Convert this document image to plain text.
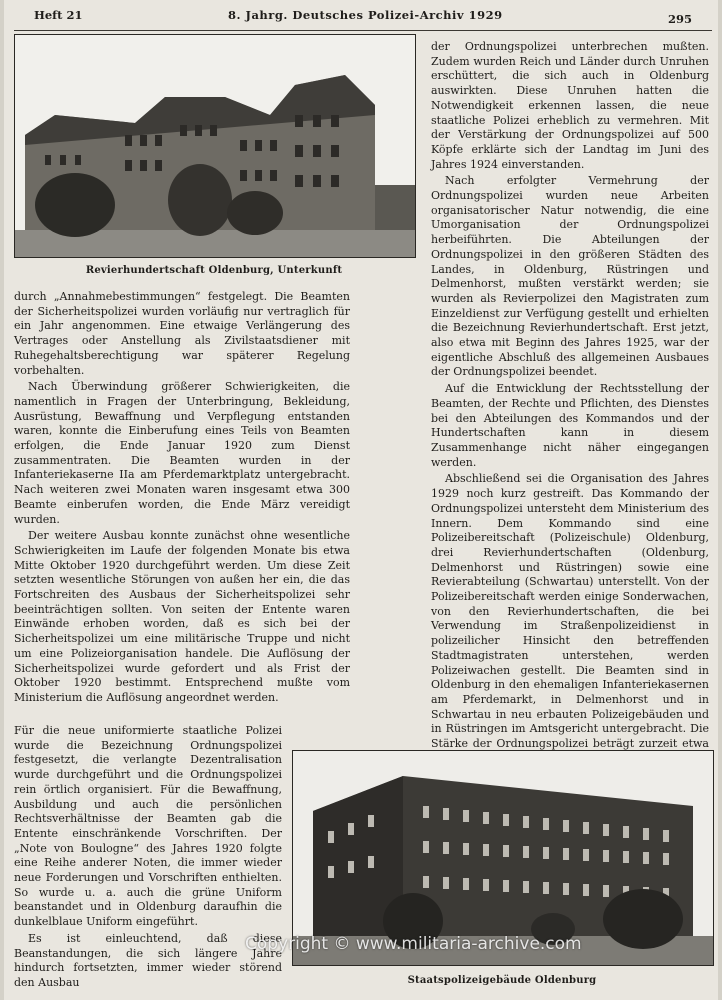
Heft 21	8. Jahrg. Deutsches Polizei-Archiv 1929	295
Revierhundertschaft Oldenburg, Unterkunft

durch „Annahmebestimmungen“ festgelegt. Die Beamten der Sicherheitspolizei wurden vorläufig nur vertraglich für ein Jahr angenommen. Eine etwaige Verlängerung des Vertrages oder Anstellung als Zivilstaatsdiener mit Ruhegehaltsberechtigung war späterer Regelung vorbehalten.

Nach Überwindung größerer Schwierigkeiten, die namentlich in Fragen der Unterbringung, Bekleidung, Ausrüstung, Bewaffnung und Verpflegung entstanden waren, konnte die Einberufung eines Teils von Beamten erfolgen, die Ende Januar 1920 zum Dienst zusammentraten. Die Beamten wurden in der Infanteriekaserne IIa am Pferdemarktplatz untergebracht. Nach weiteren zwei Monaten waren insgesamt etwa 300 Beamte einberufen worden, die Ende März vereidigt wurden.

Der weitere Ausbau konnte zunächst ohne wesentliche Schwierigkeiten im Laufe der folgenden Monate bis etwa Mitte Oktober 1920 durchgeführt werden. Um diese Zeit setzten wesentliche Störungen von außen her ein, die das Fortschreiten des Ausbaus der Sicherheitspolizei sehr beeinträchtigen sollten. Von seiten der Entente waren Einwände erhoben worden, daß es sich bei der Sicherheitspolizei um eine militärische Truppe und nicht um eine Polizeiorganisation handele. Die Auflösung der Sicherheitspolizei wurde gefordert und als Frist der Oktober 1920 bestimmt. Entsprechend mußte vom Ministerium die Auflösung angeordnet werden.

Für die neue uniformierte staatliche Polizei wurde die Bezeichnung Ordnungspolizei festgesetzt, die verlangte Dezentralisation wurde durchgeführt und die Ordnungspolizei rein örtlich organisiert. Für die Bewaffnung, Ausbildung und auch die persönlichen Rechtsverhältnisse der Beamten gab die Entente einschränkende Vorschriften. Der „Note von Boulogne“ des Jahres 1920 folgte eine Reihe anderer Noten, die immer wieder neue Forderungen und Vorschriften enthielten. So wurde u. a. auch die grüne Uniform beanstandet und in Oldenburg daraufhin die dunkelblaue Uniform eingeführt.

Es ist einleuchtend, daß diese Beanstandungen, die sich längere Jahre hindurch fortsetzten, immer wieder störend den Ausbau

der Ordnungspolizei unterbrechen mußten. Zudem wurden Reich und Länder durch Unruhen erschüttert, die sich auch in Oldenburg auswirkten. Diese Unruhen hatten die Notwendigkeit erkennen lassen, die neue staatliche Polizei erheblich zu vermehren. Mit der Verstärkung der Ordnungspolizei auf 500 Köpfe erklärte sich der Landtag im Juni des Jahres 1924 einverstanden.

Nach erfolgter Vermehrung der Ordnungspolizei wurden neue Arbeiten organisatorischer Natur notwendig, die eine Umorganisation der Ordnungspolizei herbeiführten. Die Abteilungen der Ordnungspolizei in den größeren Städten des Landes, in Oldenburg, Rüstringen und Delmenhorst, mußten verstärkt werden; sie wurden als Revierpolizei den Magistraten zum Einzeldienst zur Verfügung gestellt und erhielten die Bezeichnung Revierhundertschaft. Erst jetzt, also etwa mit Beginn des Jahres 1925, war der eigentliche Abschluß des allgemeinen Ausbaues der Ordnungspolizei beendet.

Auf die Entwicklung der Rechtsstellung der Beamten, der Rechte und Pflichten, des Dienstes bei den Abteilungen des Kommandos und der Hundertschaften kann in diesem Zusammenhange nicht näher eingegangen werden.

Abschließend sei die Organisation des Jahres 1929 noch kurz gestreift. Das Kommando der Ordnungspolizei untersteht dem Ministerium des Innern. Dem Kommando sind eine Polizeibereitschaft (Polizeischule) Oldenburg, drei Revierhundertschaften (Oldenburg, Delmenhorst und Rüstringen) sowie eine Revierabteilung (Schwartau) unterstellt. Von der Polizeibereitschaft werden einige Sonderwachen, von den Revierhundertschaften, die bei Verwendung im Straßenpolizeidienst in polizeilicher Hinsicht den betreffenden Stadtmagistraten unterstehen, werden Polizeiwachen gestellt. Die Beamten sind in Oldenburg in den ehemaligen Infanteriekasernen am Pferdemarkt, in Delmenhorst und in Schwartau in neu erbauten Polizeigebäuden und in Rüstringen im Amtsgericht untergebracht. Die Stärke der Ordnungspolizei beträgt zurzeit etwa

Staatspolizeigebäude Oldenburg
Copyright © www.militaria-archive.com
